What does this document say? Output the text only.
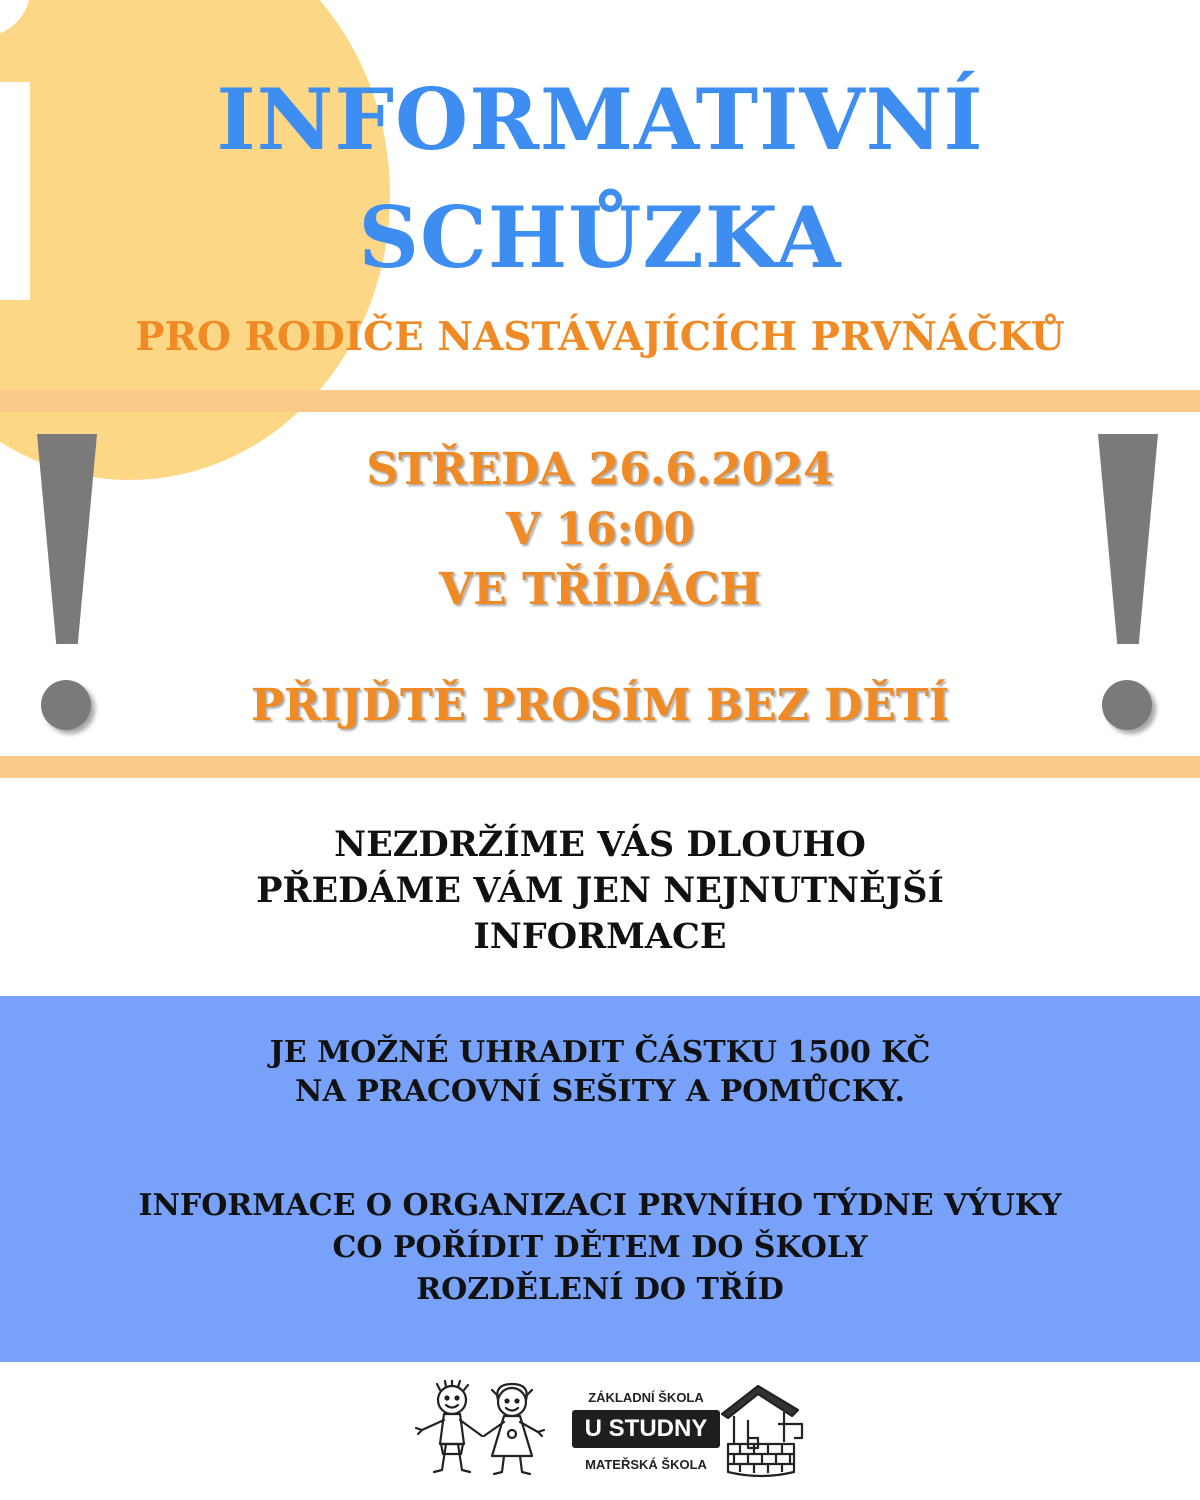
INFORMATIVNÍ
SCHŮZKA
PRO RODIČE NASTÁVAJÍCÍCH PRVŇÁČKŮ
STŘEDA 26.6.2024
V 16:00
VE TŘÍDÁCH
PŘIJĎTĚ PROSÍM BEZ DĚTÍ
NEZDRŽÍME VÁS DLOUHO
PŘEDÁME VÁM JEN NEJNUTNĚJŠÍ
INFORMACE
JE MOŽNÉ UHRADIT ČÁSTKU 1500 KČ
NA PRACOVNÍ SEŠITY A POMŮCKY.
INFORMACE O ORGANIZACI PRVNÍHO TÝDNE VÝUKY
CO POŘÍDIT DĚTEM DO ŠKOLY
ROZDĚLENÍ DO TŘÍD
ZÁKLADNÍ ŠKOLA
U STUDNY
MATEŘSKÁ ŠKOLA
